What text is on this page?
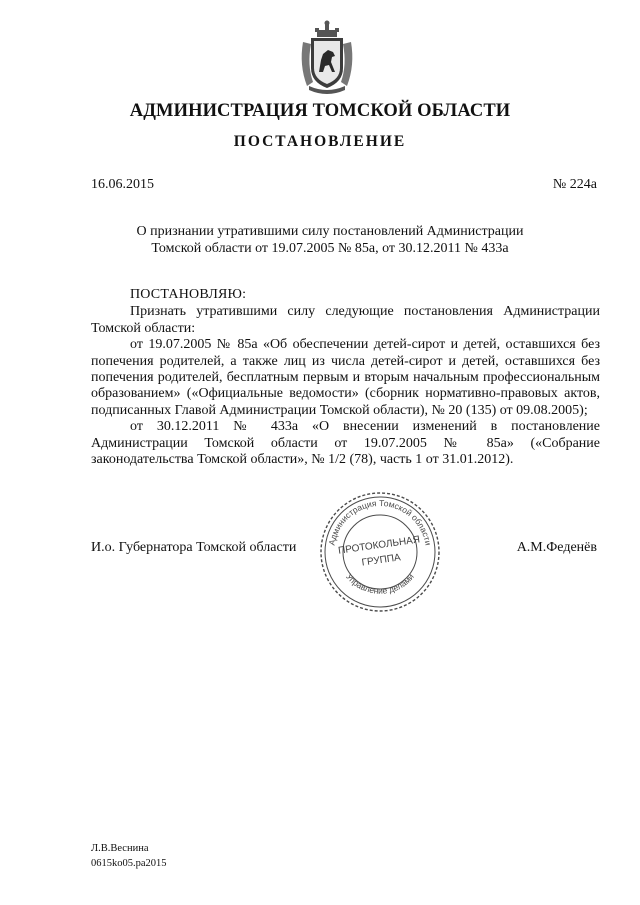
АДМИНИСТРАЦИЯ ТОМСКОЙ ОБЛАСТИ
ПОСТАНОВЛЕНИЕ
16.06.2015	№ 224а
О признании утратившими силу постановлений Администрации
Томской области от 19.07.2005 № 85а, от 30.12.2011 № 433а

ПОСТАНОВЛЯЮ:

Признать утратившими силу следующие постановления Администрации Томской области:

от 19.07.2005 № 85а «Об обеспечении детей-сирот и детей, оставшихся без попечения родителей, а также лиц из числа детей-сирот и детей, оставшихся без попечения родителей, бесплатным первым и вторым начальным профессиональным образованием» («Официальные ведомости» (сборник нормативно-правовых актов, подписанных Главой Администрации Томской области), № 20 (135) от 09.08.2005);

от 30.12.2011 № 433а «О внесении изменений в постановление Администрации Томской области от 19.07.2005 № 85а» («Собрание законодательства Томской области», № 1/2 (78), часть 1 от 31.01.2012).

И.о. Губернатора Томской области	А.М.Феденёв
Администрация Томской области
Управление делами
ПРОТОКОЛЬНАЯ
ГРУППА
Л.В.Веснина
0615ko05.pa2015
